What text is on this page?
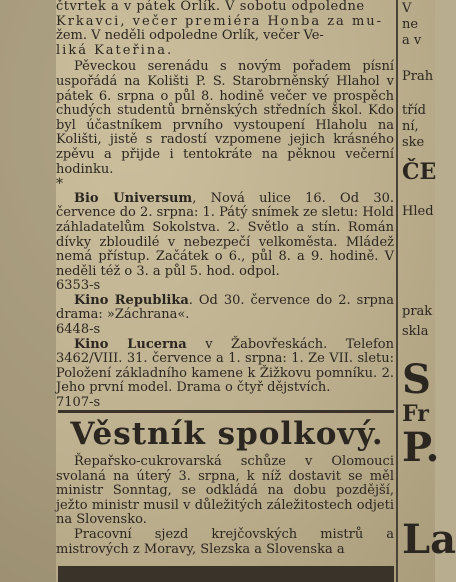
čtvrtek a v pátek Orlík. V sobotu odpoledne

Krkavci, večer premiéra Honba za mu-

žem. V neděli odpoledne Orlík, večer Ve-

liká Kateřina.

Pěveckou serenádu s novým pořadem písní uspořádá na Kolišti P. S. Starobrněnský Hlahol v pátek 6. srpna o půl 8. hodině večer ve prospěch chudých studentů brněnských středních škol. Kdo byl účastníkem prvního vystoupení Hlaholu na Kolišti, jistě s radostí vzpomene jejich krásného zpěvu a přijde i tentokráte na pěknou večerní hodinku.

*

Bio Universum, Nová ulice 16. Od 30. července do 2. srpna: 1. Pátý snímek ze sletu: Hold záhladatelům Sokolstva. 2. Světlo a stín. Román dívky zbloudilé v nebezpečí velkoměsta. Mládež nemá přístup. Začátek o 6., půl 8. a 9. hodině. V neděli též o 3. a půl 5. hod. odpol.

6353-s

Kino Republika. Od 30. července do 2. srpna drama: »Záchrana«.

6448-s

Kino Lucerna v Žabovřeskách. Telefon 3462/VIII. 31. července a 1. srpna: 1. Ze VII. sletu: Položení základního kamene k Žižkovu pomníku. 2. Jeho první model. Drama o čtyř dějstvích.

7107-s

Věstník spolkový.

Řepařsko-cukrovarská schůze v Olomouci svolaná na úterý 3. srpna, k níž dostavit se měl ministr Sonntag, se odkládá na dobu pozdější, ježto ministr musil v důležitých záležitostech odjeti na Slovensko.

Pracovní sjezd krejčovských mistrů a mistrových z Moravy, Slezska a Slovenska a

V
ne
a v
Prah
tříd
ní,
ske
ČE
Hled
prak
skla
S
Fr
P.
La
